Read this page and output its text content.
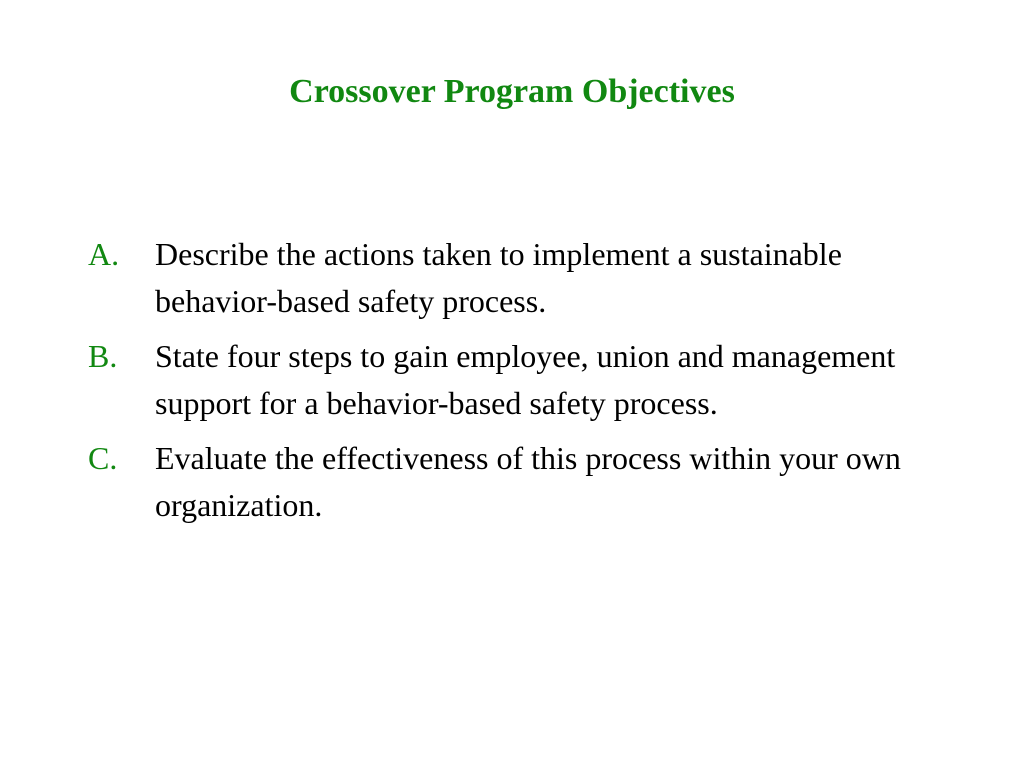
Crossover Program Objectives
A.	Describe the actions taken to implement a sustainable behavior-based safety process.
B.	State four steps to gain employee, union and management support for a behavior-based safety process.
C.	Evaluate the effectiveness of this process within your own organization.
